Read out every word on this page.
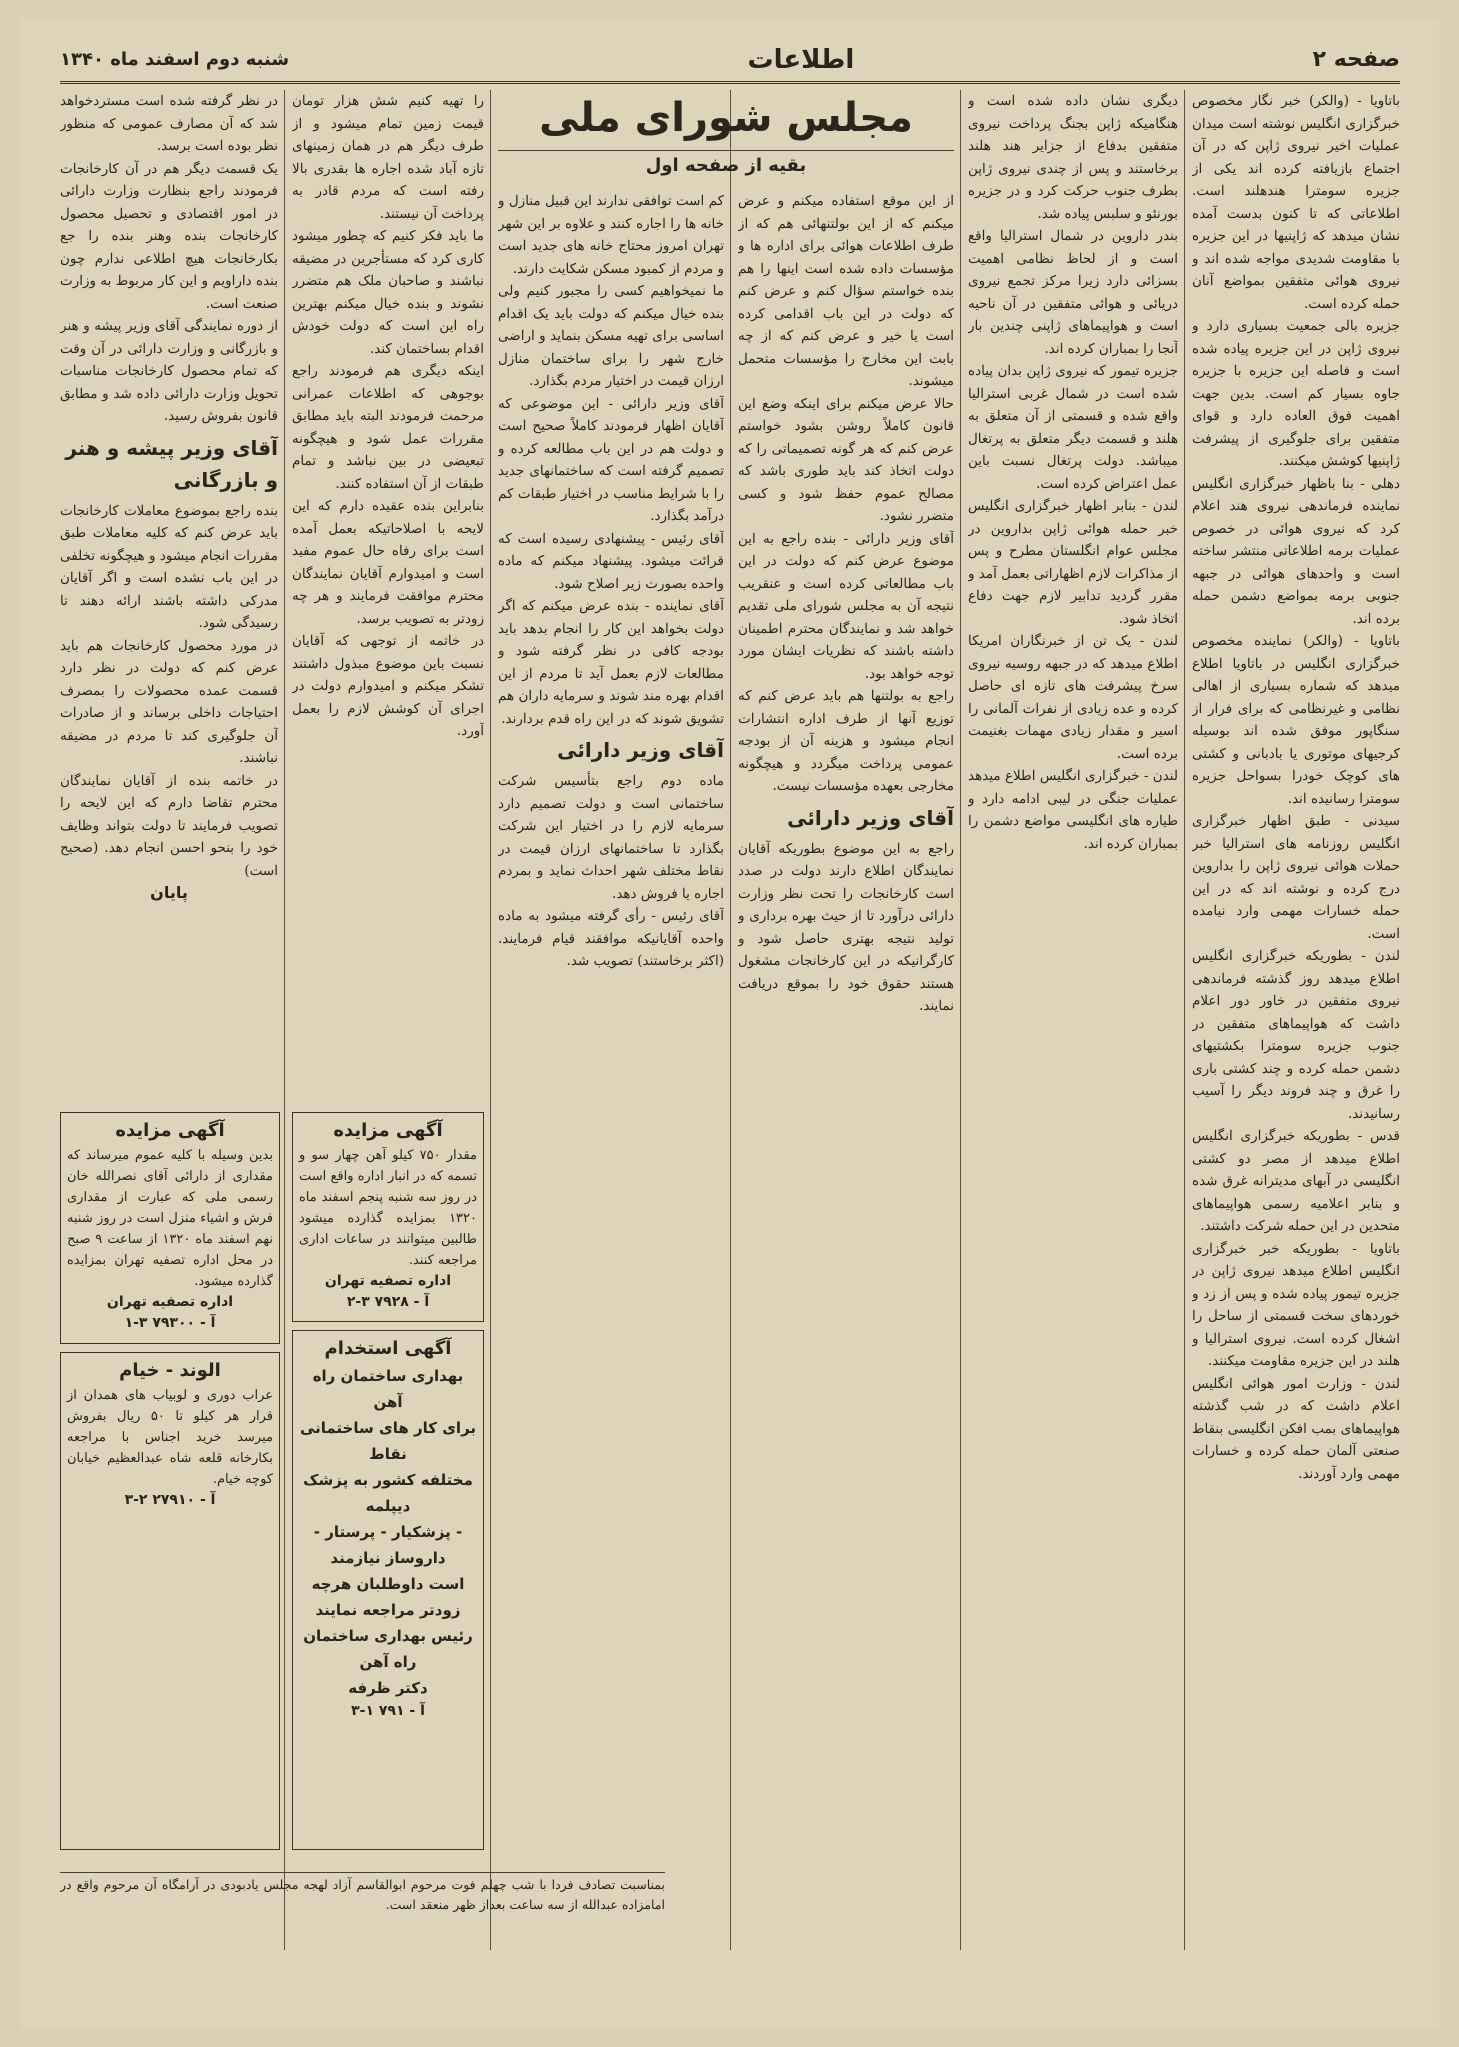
صفحه ۲
اطلاعات
شنبه دوم اسفند ماه ۱۳۴۰

باتاویا - (والکر) خبر نگار مخصوص خبرگزاری انگلیس نوشته است میدان عملیات اخیر نیروی ژاپن که در آن اجتماع بازیافته کرده اند یکی از جزیره سومترا هندهلند است. اطلاعاتی که تا کنون بدست آمده نشان میدهد که ژاپنیها در این جزیره با مقاومت شدیدی مواجه شده اند و نیروی هوائی متفقین بمواضع آنان حمله کرده است.

جزیره بالی جمعیت بسیاری دارد و نیروی ژاپن در این جزیره پیاده شده است و فاصله این جزیره با جزیره جاوه بسیار کم است. بدین جهت اهمیت فوق العاده دارد و قوای متفقین برای جلوگیری از پیشرفت ژاپنیها کوشش میکنند.

دهلی - بنا باظهار خبرگزاری انگلیس نماینده فرماندهی نیروی هند اعلام کرد که نیروی هوائی در خصوص عملیات برمه اطلاعاتی منتشر ساخته است و واحدهای هوائی در جبهه جنوبی برمه بمواضع دشمن حمله برده اند.

باتاویا - (والکر) نماینده مخصوص خبرگزاری انگلیس در باتاویا اطلاع میدهد که شماره بسیاری از اهالی نظامی و غیرنظامی که برای فرار از سنگاپور موفق شده اند بوسیله کرجیهای موتوری یا بادبانی و کشتی های کوچک خودرا بسواحل جزیره سومترا رسانیده اند.

سیدنی - طبق اظهار خبرگزاری انگلیس روزنامه های استرالیا خبر حملات هوائی نیروی ژاپن را بداروین درج کرده و نوشته اند که در این حمله خسارات مهمی وارد نیامده است.

لندن - بطوریکه خبرگزاری انگلیس اطلاع میدهد روز گذشته فرماندهی نیروی متفقین در خاور دور اعلام داشت که هواپیماهای متفقین در جنوب جزیره سومترا بکشتیهای دشمن حمله کرده و چند کشتی باری را غرق و چند فروند دیگر را آسیب رسانیدند.

قدس - بطوریکه خبرگزاری انگلیس اطلاع میدهد از مصر دو کشتی انگلیسی در آبهای مدیترانه غرق شده و بنابر اعلامیه رسمی هواپیماهای متحدین در این حمله شرکت داشتند.

باتاویا - بطوریکه خبر خبرگزاری انگلیس اطلاع میدهد نیروی ژاپن در جزیره تیمور پیاده شده و پس از زد و خوردهای سخت قسمتی از ساحل را اشغال کرده است. نیروی استرالیا و هلند در این جزیره مقاومت میکنند.

لندن - وزارت امور هوائی انگلیس اعلام داشت که در شب گذشته هواپیماهای بمب افکن انگلیسی بنقاط صنعتی آلمان حمله کرده و خسارات مهمی وارد آوردند.

دیگری نشان داده شده است و هنگامیکه ژاپن بجنگ پرداخت نیروی متفقین بدفاع از جزایر هند هلند برخاستند و پس از چندی نیروی ژاپن بطرف جنوب حرکت کرد و در جزیره بورنئو و سلبس پیاده شد.

بندر داروین در شمال استرالیا واقع است و از لحاظ نظامی اهمیت بسزائی دارد زیرا مرکز تجمع نیروی دریائی و هوائی متفقین در آن ناحیه است و هواپیماهای ژاپنی چندین بار آنجا را بمباران کرده اند.

جزیره تیمور که نیروی ژاپن بدان پیاده شده است در شمال غربی استرالیا واقع شده و قسمتی از آن متعلق به هلند و قسمت دیگر متعلق به پرتغال میباشد. دولت پرتغال نسبت باین عمل اعتراض کرده است.

لندن - بنابر اظهار خبرگزاری انگلیس خبر حمله هوائی ژاپن بداروین در مجلس عوام انگلستان مطرح و پس از مذاکرات لازم اظهاراتی بعمل آمد و مقرر گردید تدابیر لازم جهت دفاع اتخاذ شود.

لندن - یک تن از خبرنگاران امریکا اطلاع میدهد که در جبهه روسیه نیروی سرخ پیشرفت های تازه ای حاصل کرده و عده زیادی از نفرات آلمانی را اسیر و مقدار زیادی مهمات بغنیمت برده است.

لندن - خبرگزاری انگلیس اطلاع میدهد عملیات جنگی در لیبی ادامه دارد و طیاره های انگلیسی مواضع دشمن را بمباران کرده اند.

مجلس شورای ملی
بقیه از صفحه اول

از این موقع استفاده میکنم و عرض میکنم که از این بولتنهائی هم که از طرف اطلاعات هوائی برای اداره ها و مؤسسات داده شده است اینها را هم بنده خواستم سؤال کنم و عرض کنم که دولت در این باب اقدامی کرده است یا خیر و عرض کنم که از چه بابت این مخارج را مؤسسات متحمل میشوند.

حالا عرض میکنم برای اینکه وضع این قانون کاملاً روشن بشود خواستم عرض کنم که هر گونه تصمیماتی را که دولت اتخاذ کند باید طوری باشد که مصالح عموم حفظ شود و کسی متضرر نشود.

آقای وزیر دارائی - بنده راجع به این موضوع عرض کنم که دولت در این باب مطالعاتی کرده است و عنقریب نتیجه آن به مجلس شورای ملی تقدیم خواهد شد و نمایندگان محترم اطمینان داشته باشند که نظریات ایشان مورد توجه خواهد بود.

راجع به بولتنها هم باید عرض کنم که توزیع آنها از طرف اداره انتشارات انجام میشود و هزینه آن از بودجه عمومی پرداخت میگردد و هیچگونه مخارجی بعهده مؤسسات نیست.

آقای وزیر دارائی

راجع به این موضوع بطوریکه آقایان نمایندگان اطلاع دارند دولت در صدد است کارخانجات را تحت نظر وزارت دارائی درآورد تا از حیث بهره برداری و تولید نتیجه بهتری حاصل شود و کارگرانیکه در این کارخانجات مشغول هستند حقوق خود را بموقع دریافت نمایند.

کم است توافقی ندارند این قبیل منازل و خانه ها را اجاره کنند و علاوه بر این شهر تهران امروز محتاج خانه های جدید است و مردم از کمبود مسکن شکایت دارند.

ما نمیخواهیم کسی را مجبور کنیم ولی بنده خیال میکنم که دولت باید یک اقدام اساسی برای تهیه مسکن بنماید و اراضی خارج شهر را برای ساختمان منازل ارزان قیمت در اختیار مردم بگذارد.

آقای وزیر دارائی - این موضوعی که آقایان اظهار فرمودند کاملاً صحیح است و دولت هم در این باب مطالعه کرده و تصمیم گرفته است که ساختمانهای جدید را با شرایط مناسب در اختیار طبقات کم درآمد بگذارد.

آقای رئیس - پیشنهادی رسیده است که قرائت میشود. پیشنهاد میکنم که ماده واحده بصورت زیر اصلاح شود.

آقای نماینده - بنده عرض میکنم که اگر دولت بخواهد این کار را انجام بدهد باید بودجه کافی در نظر گرفته شود و مطالعات لازم بعمل آید تا مردم از این اقدام بهره مند شوند و سرمایه داران هم تشویق شوند که در این راه قدم بردارند.

آقای وزیر دارائی

ماده دوم راجع بتأسیس شرکت ساختمانی است و دولت تصمیم دارد سرمایه لازم را در اختیار این شرکت بگذارد تا ساختمانهای ارزان قیمت در نقاط مختلف شهر احداث نماید و بمردم اجاره یا فروش دهد.

آقای رئیس - رأی گرفته میشود به ماده واحده آقایانیکه موافقند قیام فرمایند. (اکثر برخاستند) تصویب شد.

را تهیه کنیم شش هزار تومان قیمت زمین تمام میشود و از طرف دیگر هم در همان زمینهای تازه آباد شده اجاره ها بقدری بالا رفته است که مردم قادر به پرداخت آن نیستند.

ما باید فکر کنیم که چطور میشود کاری کرد که مستأجرین در مضیقه نباشند و صاحبان ملک هم متضرر نشوند و بنده خیال میکنم بهترین راه این است که دولت خودش اقدام بساختمان کند.

اینکه دیگری هم فرمودند راجع بوجوهی که اطلاعات عمرانی مرحمت فرمودند البته باید مطابق مقررات عمل شود و هیچگونه تبعیضی در بین نباشد و تمام طبقات از آن استفاده کنند.

بنابراین بنده عقیده دارم که این لایحه با اصلاحاتیکه بعمل آمده است برای رفاه حال عموم مفید است و امیدوارم آقایان نمایندگان محترم موافقت فرمایند و هر چه زودتر به تصویب برسد.

در خاتمه از توجهی که آقایان نسبت باین موضوع مبذول داشتند تشکر میکنم و امیدوارم دولت در اجرای آن کوشش لازم را بعمل آورد.

در نظر گرفته شده است مستردخواهد شد که آن مصارف عمومی که منظور نظر بوده است برسد.

یک قسمت دیگر هم در آن کارخانجات فرمودند راجع بنظارت وزارت دارائی در امور اقتصادی و تحصیل محصول کارخانجات بنده وهنر بنده را جع بکارخانجات هیچ اطلاعی ندارم چون بنده داراویم و این کار مربوط به وزارت صنعت است.

از دوره نمایندگی آقای وزیر پیشه و هنر و بازرگانی و وزارت دارائی در آن وقت که تمام محصول کارخانجات مناسبات تحویل وزارت دارائی داده شد و مطابق قانون بفروش رسید.

آقای وزیر پیشه و هنر و بازرگانی

بنده راجع بموضوع معاملات کارخانجات باید عرض کنم که کلیه معاملات طبق مقررات انجام میشود و هیچگونه تخلفی در این باب نشده است و اگر آقایان مدرکی داشته باشند ارائه دهند تا رسیدگی شود.

در مورد محصول کارخانجات هم باید عرض کنم که دولت در نظر دارد قسمت عمده محصولات را بمصرف احتیاجات داخلی برساند و از صادرات آن جلوگیری کند تا مردم در مضیقه نباشند.

در خاتمه بنده از آقایان نمایندگان محترم تقاضا دارم که این لایحه را تصویب فرمایند تا دولت بتواند وظایف خود را بنحو احسن انجام دهد. (صحیح است)

پایان
آگهی مزایده
بدین وسیله با کلیه عموم میرساند که مقداری از دارائی آقای نصرالله خان رسمی ملی که عبارت از مقداری فرش و اشیاء منزل است در روز شنبه نهم اسفند ماه ۱۳۲۰ از ساعت ۹ صبح در محل اداره تصفیه تهران بمزایده گذارده میشود.
اداره تصفیه تهران
آ - ۷۹۳۰۰ ۳-۱
آگهی مزایده
مقدار ۷۵۰ کیلو آهن چهار سو و تسمه که در انبار اداره واقع است در روز سه شنبه پنجم اسفند ماه ۱۳۲۰ بمزایده گذارده میشود طالبین میتوانند در ساعات اداری مراجعه کنند.
اداره تصفیه تهران
آ - ۷۹۲۸ ۳-۲
آگهی استخدام
بهداری ساختمان راه آهن
برای کار های ساختمانی نقاط
مختلفه کشور به پزشک دیپلمه
- پزشکیار - پرستار - داروساز نیازمند
است داوطلبان هرچه زودتر مراجعه نمایند
رئیس بهداری ساختمان راه آهن
دکتر ظرفه
آ - ۷۹۱ ۱-۳
الوند - خیام
عراب دوری و لوبیاب های همدان از قرار هر کیلو تا ۵۰ ریال بفروش میرسد خرید اجناس با مراجعه بکارخانه قلعه شاه عبدالعظیم خیابان کوچه خیام.
آ - ۲۷۹۱۰ ۲-۳
بمناسبت تصادف فردا با شب چهلم فوت مرحوم ابوالقاسم آزاد لهجه مجلس یادبودی در آرامگاه آن مرحوم واقع در امامزاده عبدالله از سه ساعت بعداز ظهر منعقد است.
